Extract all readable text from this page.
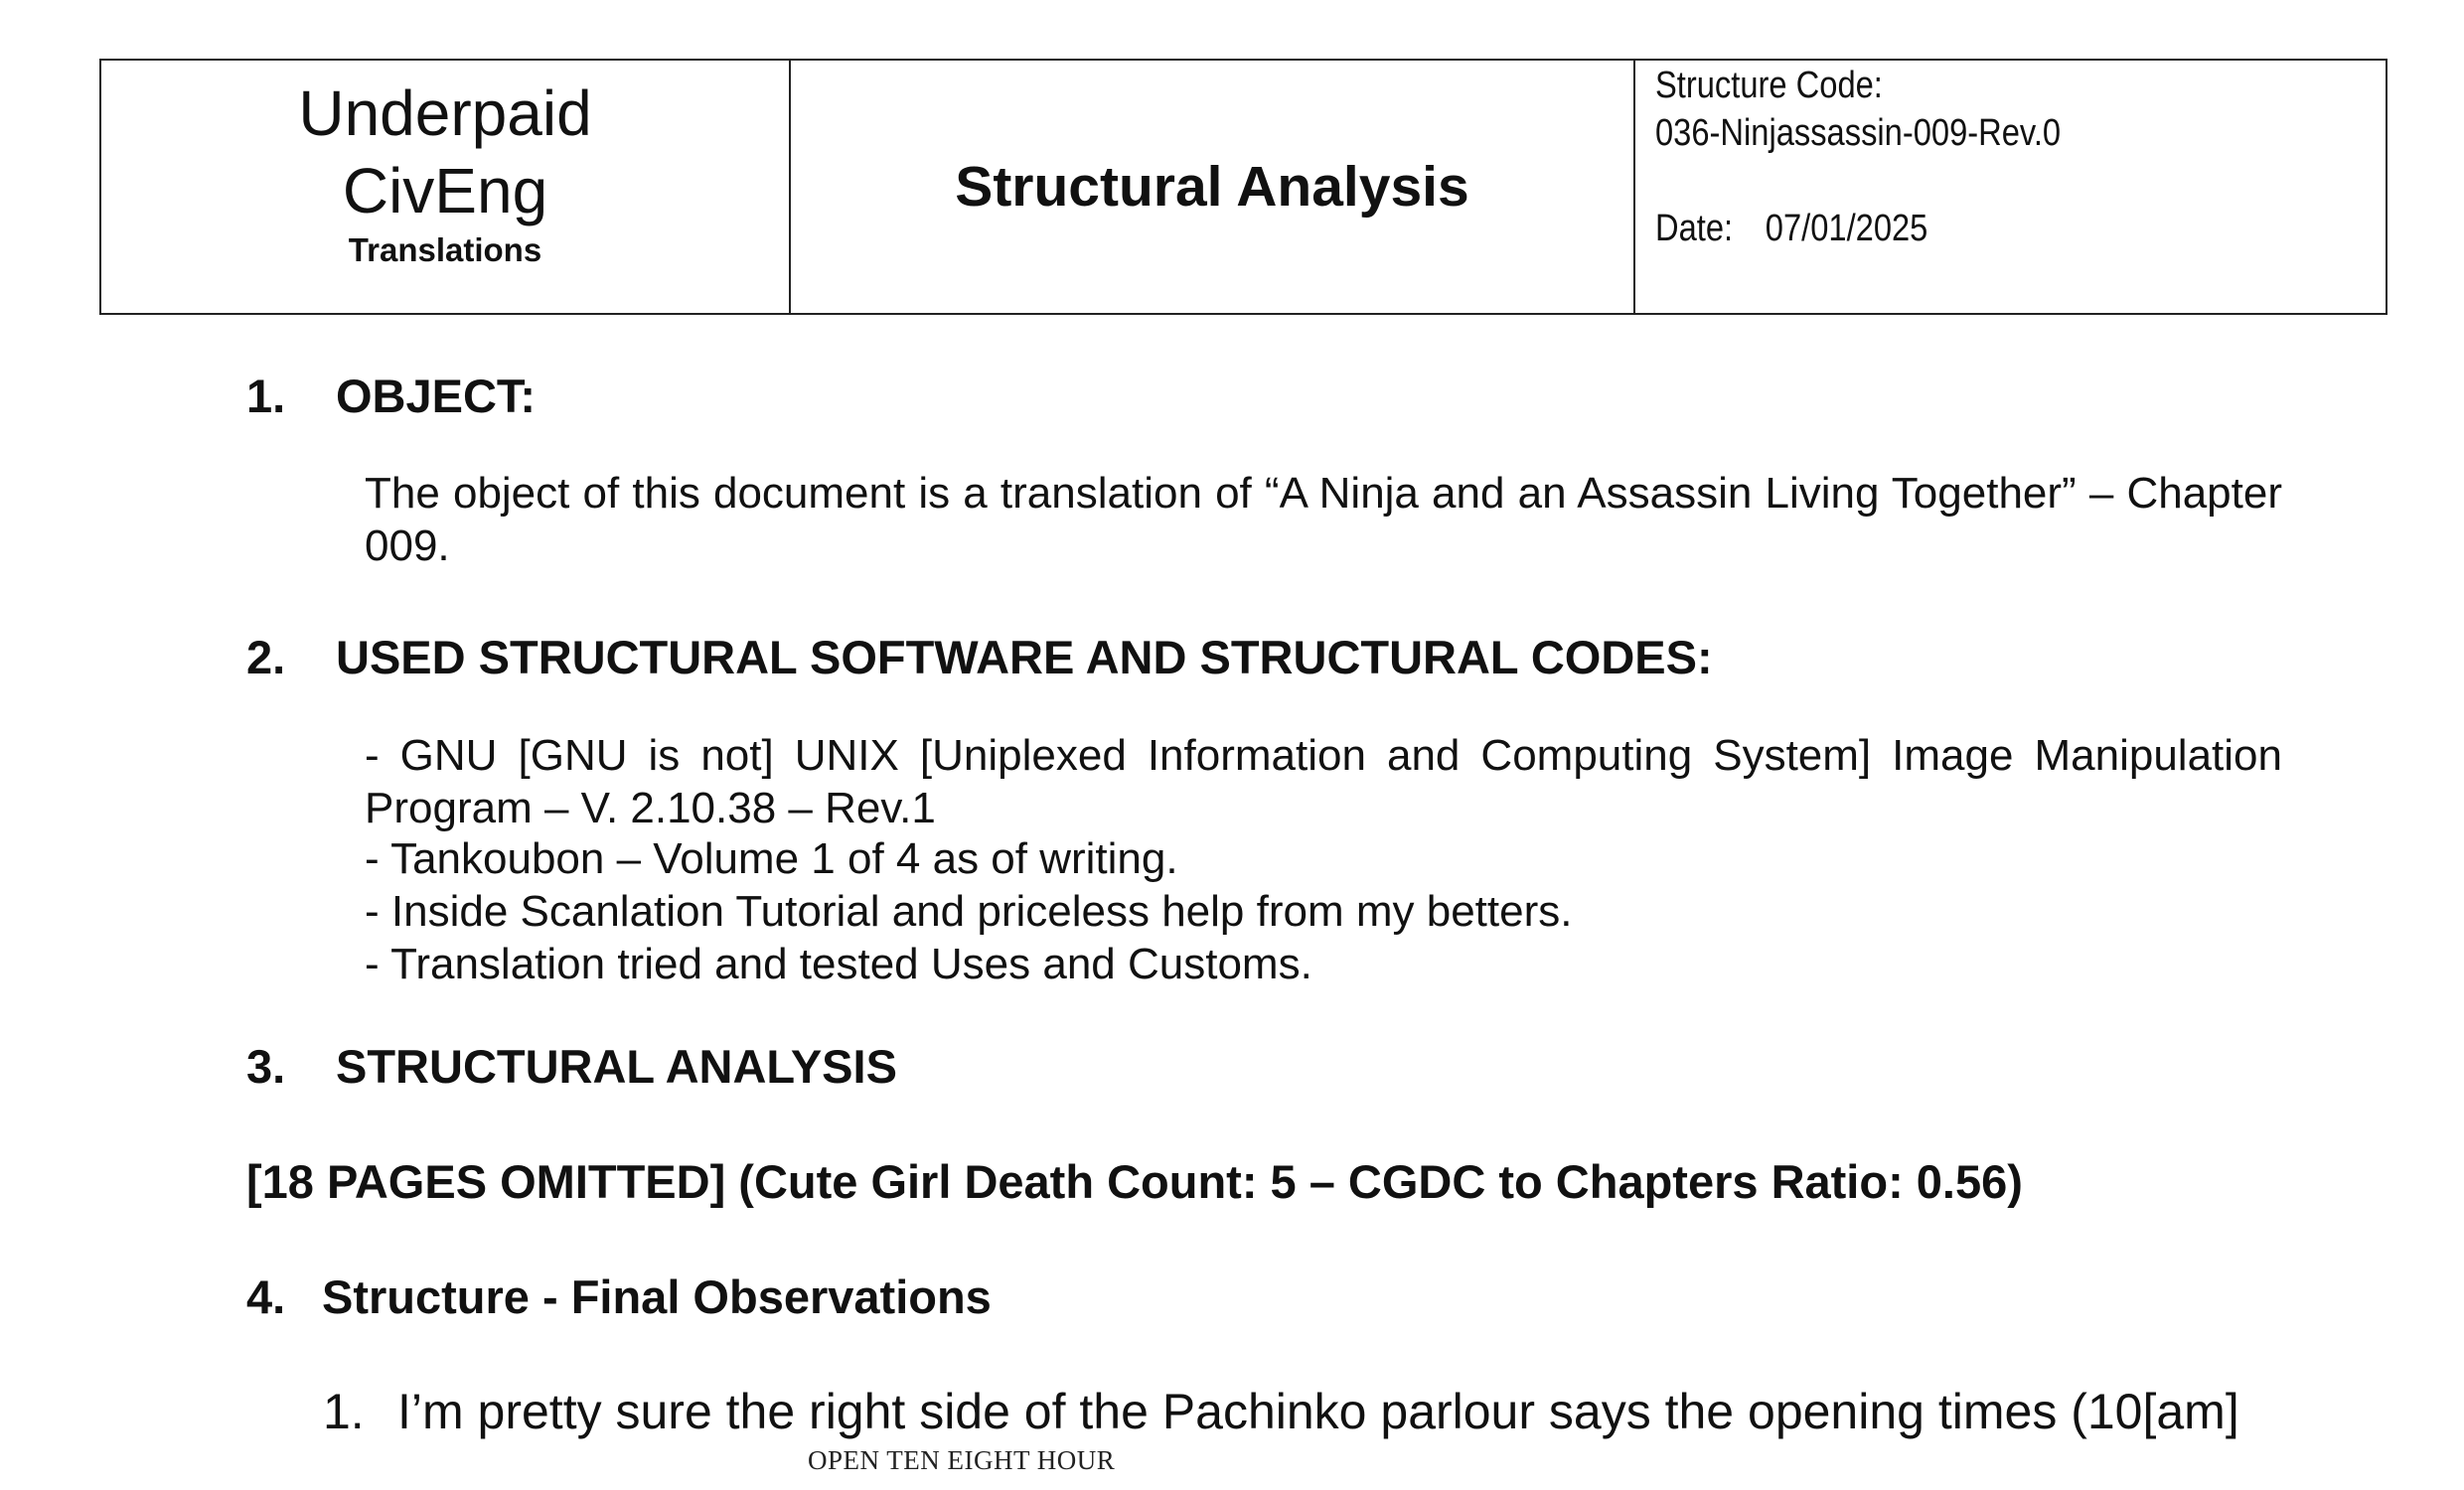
Underpaid
CivEng
Translations
Structural Analysis
Structure Code:
036-Ninjassassin-009-Rev.0
Date: 07/01/2025
1. OBJECT:
The object of this document is a translation of “A Ninja and an Assassin Living Together” – Chapter 009.
2. USED STRUCTURAL SOFTWARE AND STRUCTURAL CODES:
- GNU [GNU is not] UNIX [Uniplexed Information and Computing System] Image Manipulation Program – V. 2.10.38 – Rev.1
- Tankoubon – Volume 1 of 4 as of writing.
- Inside Scanlation Tutorial and priceless help from my betters.
- Translation tried and tested Uses and Customs.
3. STRUCTURAL ANALYSIS
[18 PAGES OMITTED] (Cute Girl Death Count: 5 – CGDC to Chapters Ratio: 0.56)
4. Structure - Final Observations
1. I’m pretty sure the right side of the Pachinko parlour says the opening times (10[am]
OPEN TEN EIGHT HOUR
